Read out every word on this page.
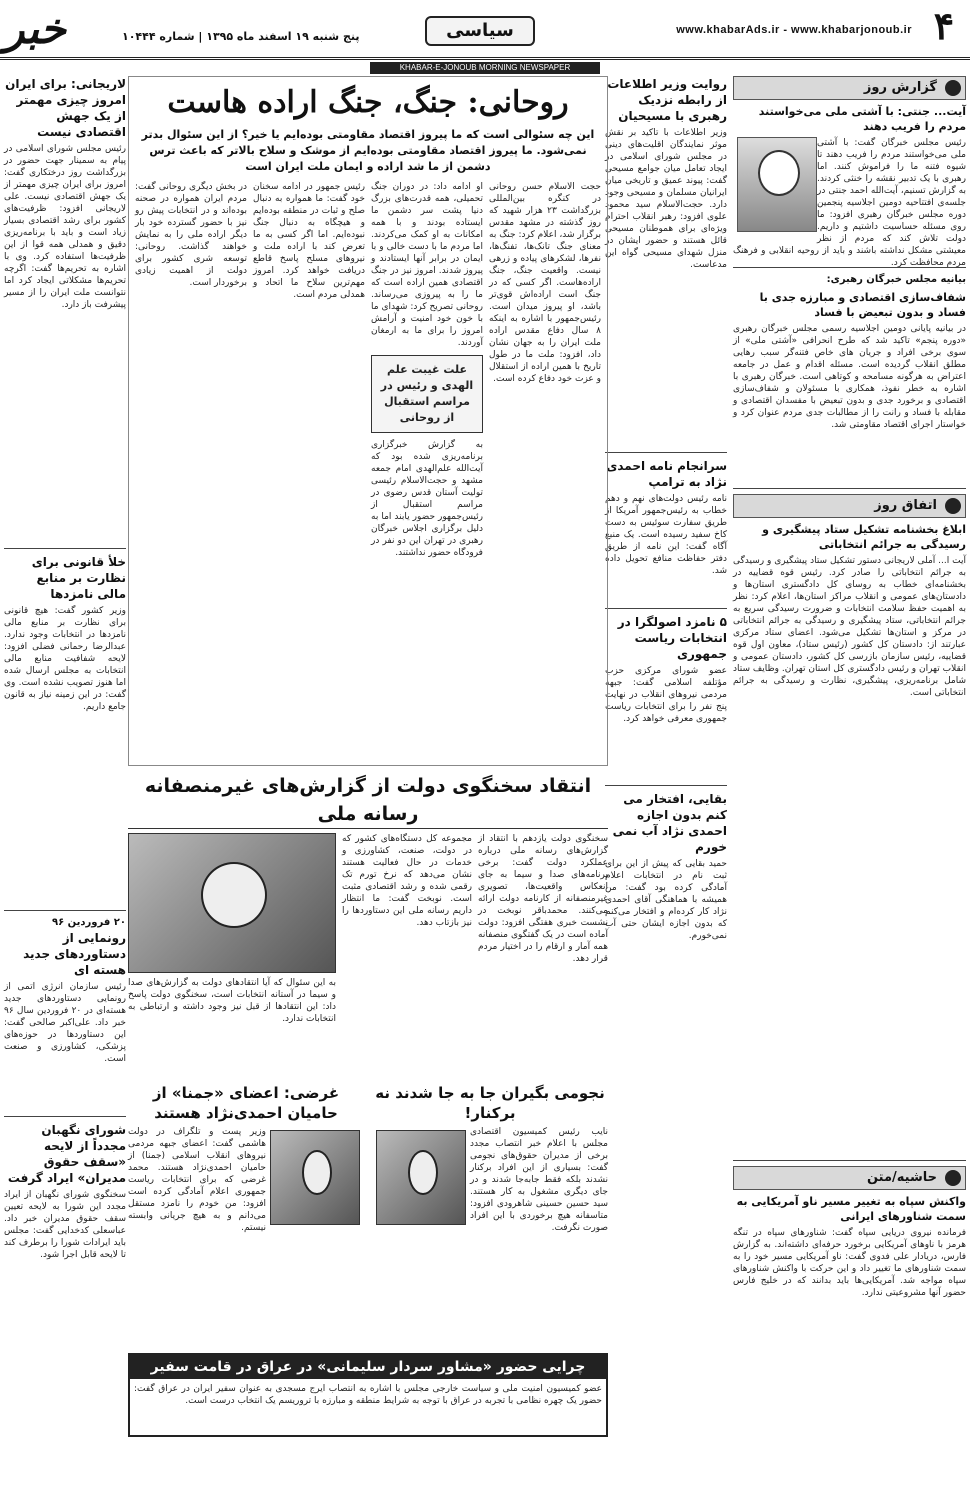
۴
www.khabarAds.ir - www.khabarjonoub.ir
سیاسی
پنج شنبه ۱۹ اسفند ماه ۱۳۹۵ | شماره ۱۰۴۴۴
خبر
KHABAR-E-JONOUB MORNING NEWSPAPER
گزارش روز
آیت... جنتی: با آشتی ملی می‌خواستند مردم را فریب دهند
رئیس مجلس خبرگان گفت: با آشتی ملی می‌خواستند مردم را فریب دهند تا شیوه فتنه ما را فراموش کنند. اما رهبری با یک تدبیر نقشه را خنثی کردند. به گزارش تسنیم، آیت‌الله احمد جنتی در جلسه‌ی افتتاحیه دومین اجلاسیه پنجمین دوره مجلس خبرگان رهبری افزود: ما روی مسئله حساسیت داشتیم و داریم. دولت تلاش کند که مردم از نظر معیشتی مشکل نداشته باشند و باید از روحیه انقلابی و فرهنگ مردم محافظت کرد.
بیانیه مجلس خبرگان رهبری:
شفاف‌سازی اقتصادی و مبارزه جدی با فساد و بدون تبعیض با فساد
در بیانیه پایانی دومین اجلاسیه رسمی مجلس خبرگان رهبری «دوره پنجم» تاکید شد که طرح انحرافی «آشتی ملی» از سوی برخی افراد و جریان های خاص فتنه‌گر سبب رهایی مطلق انقلاب گردیده است. مسئله اقدام و عمل در جامعه اعتراض به هرگونه مسامحه و کوتاهی است. خبرگان رهبری با اشاره به خطر نفوذ، همکاری با مسئولان و شفاف‌سازی اقتصادی و برخورد جدی و بدون تبعیض با مفسدان اقتصادی و مقابله با فساد و رانت را از مطالبات جدی مردم عنوان کرد و خواستار اجرای اقتصاد مقاومتی شد.
اتفاق روز
ابلاغ بخشنامه تشکیل ستاد پیشگیری و رسیدگی به جرائم انتخاباتی
آیت ا... آملی لاریجانی دستور تشکیل ستاد پیشگیری و رسیدگی به جرائم انتخاباتی را صادر کرد. رئیس قوه قضاییه در بخشنامه‌ای خطاب به روسای کل دادگستری استان‌ها و دادستان‌های عمومی و انقلاب مراکز استان‌ها، اعلام کرد: نظر به اهمیت حفظ سلامت انتخابات و ضرورت رسیدگی سریع به جرائم انتخاباتی، ستاد پیشگیری و رسیدگی به جرائم انتخاباتی در مرکز و استان‌ها تشکیل می‌شود. اعضای ستاد مرکزی عبارتند از: دادستان کل کشور (رئیس ستاد)، معاون اول قوه قضاییه، رئیس سازمان بازرسی کل کشور، دادستان عمومی و انقلاب تهران و رئیس دادگستری کل استان تهران. وظایف ستاد شامل برنامه‌ریزی، پیشگیری، نظارت و رسیدگی به جرائم انتخاباتی است.
حاشیه/متن
واکنش سپاه به تغییر مسیر ناو آمریکایی به سمت شناورهای ایرانی
فرمانده نیروی دریایی سپاه گفت: شناورهای سپاه در تنگه هرمز با ناوهای آمریکایی برخورد حرفه‌ای داشته‌اند. به گزارش فارس، دریادار علی فدوی گفت: ناو آمریکایی مسیر خود را به سمت شناورهای ما تغییر داد و این حرکت با واکنش شناورهای سپاه مواجه شد. آمریکایی‌ها باید بدانند که در خلیج فارس حضور آنها مشروعیتی ندارد.
روایت وزیر اطلاعات از رابطه نزدیک رهبری با مسیحیان
وزیر اطلاعات با تاکید بر نقش موثر نمایندگان اقلیت‌های دینی در مجلس شورای اسلامی در ایجاد تعامل میان جوامع مسیحی گفت: پیوند عمیق و تاریخی میان ایرانیان مسلمان و مسیحی وجود دارد. حجت‌الاسلام سید محمود علوی افزود: رهبر انقلاب احترام ویژه‌ای برای هموطنان مسیحی قائل هستند و حضور ایشان در منزل شهدای مسیحی گواه این مدعاست.
سرانجام نامه احمدی نژاد به ترامپ
نامه رئیس دولت‌های نهم و دهم خطاب به رئیس‌جمهور آمریکا از طریق سفارت سوئیس به دست کاخ سفید رسیده است. یک منبع آگاه گفت: این نامه از طریق دفتر حفاظت منافع تحویل داده شد.
۵ نامزد اصولگرا در انتخابات ریاست جمهوری
عضو شورای مرکزی حزب مؤتلفه اسلامی گفت: جبهه مردمی نیروهای انقلاب در نهایت پنج نفر را برای انتخابات ریاست جمهوری معرفی خواهد کرد.
بقایی، افتخار می کنم بدون اجازه احمدی نژاد آب نمی خورم
حمید بقایی که پیش از این برای ثبت نام در انتخابات اعلام آمادگی کرده بود گفت: من همیشه با هماهنگی آقای احمدی نژاد کار کرده‌ام و افتخار می‌کنم که بدون اجازه ایشان حتی آب نمی‌خورم.
روحانی: جنگ، جنگ اراده هاست
این چه سئوالی است که ما پیروز اقتصاد مقاومتی بوده‌ایم یا خیر؟ از این سئوال بدتر نمی‌شود. ما پیروز اقتصاد مقاومتی بوده‌ایم از موشک و سلاح بالاتر که باعث ترس دشمن از ما شد اراده و ایمان ملت ایران است
حجت الاسلام حسن روحانی در کنگره بین‌المللی بزرگداشت ۲۳ هزار شهید که روز گذشته در مشهد مقدس برگزار شد، اعلام کرد: جنگ به معنای جنگ تانک‌ها، تفنگ‌ها، نفرها، لشکرهای پیاده و زرهی نیست. واقعیت جنگ، جنگ اراده‌هاست. اگر کسی که در جنگ است اراده‌اش قوی‌تر باشد، او پیروز میدان است. رئیس‌جمهور با اشاره به اینکه ۸ سال دفاع مقدس اراده ملت ایران را به جهان نشان داد، افزود: ملت ما در طول تاریخ با همین اراده از استقلال و عزت خود دفاع کرده است.
او ادامه داد: در دوران جنگ تحمیلی، همه قدرت‌های بزرگ دنیا پشت سر دشمن ما ایستاده بودند و با همه امکانات به او کمک می‌کردند. اما مردم ما با دست خالی و با ایمان در برابر آنها ایستادند و پیروز شدند. امروز نیز در جنگ اقتصادی همین اراده است که ما را به پیروزی می‌رساند. روحانی تصریح کرد: شهدای ما با خون خود امنیت و آرامش امروز را برای ما به ارمغان آوردند.
علت غیبت علم الهدی و رئیس در مراسم استقبال از روحانی
به گزارش خبرگزاری برنامه‌ریزی شده بود که آیت‌الله علم‌الهدی امام جمعه مشهد و حجت‌الاسلام رئیسی تولیت آستان قدس رضوی در مراسم استقبال از رئیس‌جمهور حضور یابند اما به دلیل برگزاری اجلاس خبرگان رهبری در تهران این دو نفر در فرودگاه حضور نداشتند.
رئیس جمهور در ادامه سخنان خود گفت: ما همواره به دنبال صلح و ثبات در منطقه بوده‌ایم و هیچگاه به دنبال جنگ نبوده‌ایم. اما اگر کسی به ما تعرض کند با اراده ملت و نیروهای مسلح پاسخ قاطع دریافت خواهد کرد. امروز مهم‌ترین سلاح ما اتحاد و همدلی مردم است.
در بخش دیگری روحانی گفت: مردم ایران همواره در صحنه بوده‌اند و در انتخابات پیش رو نیز با حضور گسترده خود بار دیگر اراده ملی را به نمایش خواهند گذاشت. روحانی: توسعه شری کشور برای دولت از اهمیت زیادی برخوردار است.
انتقاد سخنگوی دولت از گزارش‌های غیرمنصفانه رسانه ملی
سخنگوی دولت یازدهم با انتقاد از گزارش‌های رسانه ملی درباره عملکرد دولت گفت: برخی برنامه‌های صدا و سیما به جای انعکاس واقعیت‌ها، تصویری غیرمنصفانه از کارنامه دولت ارائه می‌کنند. محمدباقر نوبخت در نشست خبری هفتگی افزود: دولت آماده است در یک گفتگوی منصفانه همه آمار و ارقام را در اختیار مردم قرار دهد.
مجموعه کل دستگاه‌های کشور که در دولت، صنعت، کشاورزی و خدمات در حال فعالیت هستند نشان می‌دهد که نرخ تورم تک رقمی شده و رشد اقتصادی مثبت است. نوبخت گفت: ما انتظار داریم رسانه ملی این دستاوردها را نیز بازتاب دهد.
به این سئوال که آیا انتقادهای دولت به گزارش‌های صدا و سیما در آستانه انتخابات است، سخنگوی دولت پاسخ داد: این انتقادها از قبل نیز وجود داشته و ارتباطی به انتخابات ندارد.
نجومی بگیران جا به جا شدند نه برکنار!
نایب رئیس کمیسیون اقتصادی مجلس با اعلام خبر انتصاب مجدد برخی از مدیران حقوق‌های نجومی گفت: بسیاری از این افراد برکنار نشدند بلکه فقط جابه‌جا شدند و در جای دیگری مشغول به کار هستند. سید حسین حسینی شاهرودی افزود: متاسفانه هیچ برخوردی با این افراد صورت نگرفت.
غرضی: اعضای «جمنا» از حامیان احمدی‌نژاد هستند
وزیر پست و تلگراف در دولت هاشمی گفت: اعضای جبهه مردمی نیروهای انقلاب اسلامی (جمنا) از حامیان احمدی‌نژاد هستند. محمد غرضی که برای انتخابات ریاست جمهوری اعلام آمادگی کرده است افزود: من خودم را نامزد مستقل می‌دانم و به هیچ جریانی وابسته نیستم.
چرایی حضور «مشاور سردار سلیمانی» در عراق در قامت سفیر
عضو کمیسیون امنیت ملی و سیاست خارجی مجلس با اشاره به انتصاب ایرج مسجدی به عنوان سفیر ایران در عراق گفت: حضور یک چهره نظامی با تجربه در عراق با توجه به شرایط منطقه و مبارزه با تروریسم یک انتخاب درست است.
لاریجانی: برای ایران امروز چیزی مهمتر از یک جهش اقتصادی نیست
رئیس مجلس شورای اسلامی در پیام به سمینار جهت حضور در بزرگداشت روز درختکاری گفت: امروز برای ایران چیزی مهمتر از یک جهش اقتصادی نیست. علی لاریجانی افزود: ظرفیت‌های کشور برای رشد اقتصادی بسیار زیاد است و باید با برنامه‌ریزی دقیق و همدلی همه قوا از این ظرفیت‌ها استفاده کرد. وی با اشاره به تحریم‌ها گفت: اگرچه تحریم‌ها مشکلاتی ایجاد کرد اما نتوانست ملت ایران را از مسیر پیشرفت باز دارد.
خلأ قانونی برای نظارت بر منابع مالی نامزدها
وزیر کشور گفت: هیچ قانونی برای نظارت بر منابع مالی نامزدها در انتخابات وجود ندارد. عبدالرضا رحمانی فضلی افزود: لایحه شفافیت منابع مالی انتخابات به مجلس ارسال شده اما هنوز تصویب نشده است. وی گفت: در این زمینه نیاز به قانون جامع داریم.
۲۰ فروردین ۹۶
رونمایی از دستاوردهای جدید هسته ای
رئیس سازمان انرژی اتمی از رونمایی دستاوردهای جدید هسته‌ای در ۲۰ فروردین سال ۹۶ خبر داد. علی‌اکبر صالحی گفت: این دستاوردها در حوزه‌های پزشکی، کشاورزی و صنعت است.
شورای نگهبان مجدداً از لایحه «سقف حقوق مدیران» ایراد گرفت
سخنگوی شورای نگهبان از ایراد مجدد این شورا به لایحه تعیین سقف حقوق مدیران خبر داد. عباسعلی کدخدایی گفت: مجلس باید ایرادات شورا را برطرف کند تا لایحه قابل اجرا شود.
